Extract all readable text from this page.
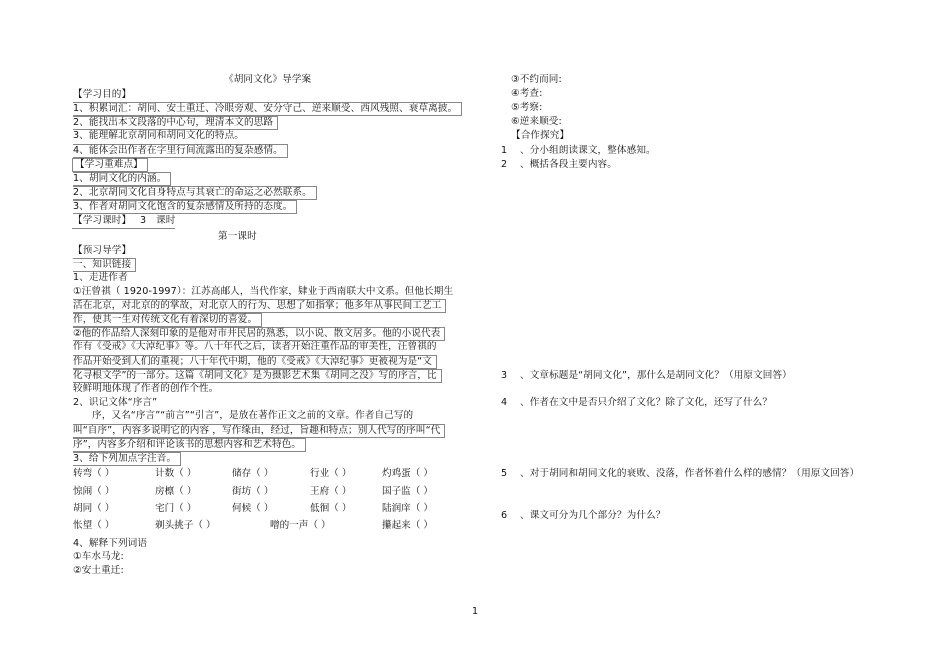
《胡同文化》导学案
【学习目的】
1、积累词汇：胡同、安土重迁、冷眼旁观、安分守己、逆来顺受、西风残照、衰草离披。
2、能找出本文段落的中心句，理清本文的思路
3、能理解北京胡同和胡同文化的特点。
4、能体会出作者在字里行间流露出的复杂感情。
【学习重难点】
1、胡同文化的内涵。
2、北京胡同文化自身特点与其衰亡的命运之必然联系。
3、作者对胡同文化饱含的复杂感情及所持的态度。
【学习课时】 3 课时
第一课时
【预习导学】
一、知识链接
1、走进作者
①汪曾祺（ 1920-1997）：江苏高邮人，当代作家，肄业于西南联大中文系。但他长期生
活在北京，对北京的的掌故，对北京人的行为、思想了如指掌；他多年从事民间工艺工
作，使其一生对传统文化有着深切的喜爱。
②他的作品给人深刻印象的是他对市井民居的熟悉，以小说、散文居多。他的小说代表
作有《受戒》《大淖纪事》等。八十年代之后，读者开始注重作品的审美性，汪曾祺的
作品开始受到人们的重视；八十年代中期，他的《受戒》《大淖纪事》更被视为是“文
化寻根文学”的一部分。这篇《胡同文化》是为摄影艺术集《胡同之没》写的序言，比
较鲜明地体现了作者的创作个性。
2、识记文体“序言”
序，又名“序言”“前言”“引言”，是放在著作正文之前的文章。作者自己写的
叫“自序”，内容多说明它的内容 ，写作缘由，经过，旨趣和特点；别人代写的序叫“代
序”，内容多介绍和评论该书的思想内容和艺术特色。
3、给下列加点字注音。
转弯（ ）	计数（ ）	储存（ ）	行业（ ）	灼鸡蛋（ ）
惊闹（ ）	房檩（ ）	街坊（ ）	王府（ ）	国子监（ ）
胡同（ ）	宅门（ ）	何候（ ）	低徊（ ）	陆润庠（ ）
怅望（ ）	剃头挑子（ ）	噌的一声（ ）	攥起来（ ）
4、解释下列词语
①车水马龙:
②安土重迁:
③不约而同:
④考查:
⑤考察:
⑥逆来顺受:
【合作探究】
1 、分小组朗读课文，整体感知。
2 、概括各段主要内容。
3 、文章标题是“胡同文化”，那什么是胡同文化？（用原文回答）
4 、作者在文中是否只介绍了文化？除了文化，还写了什么？
5 、对于胡同和胡同文化的衰败、没落，作者怀着什么样的感情？（用原文回答）
6 、课文可分为几个部分？为什么？
1
